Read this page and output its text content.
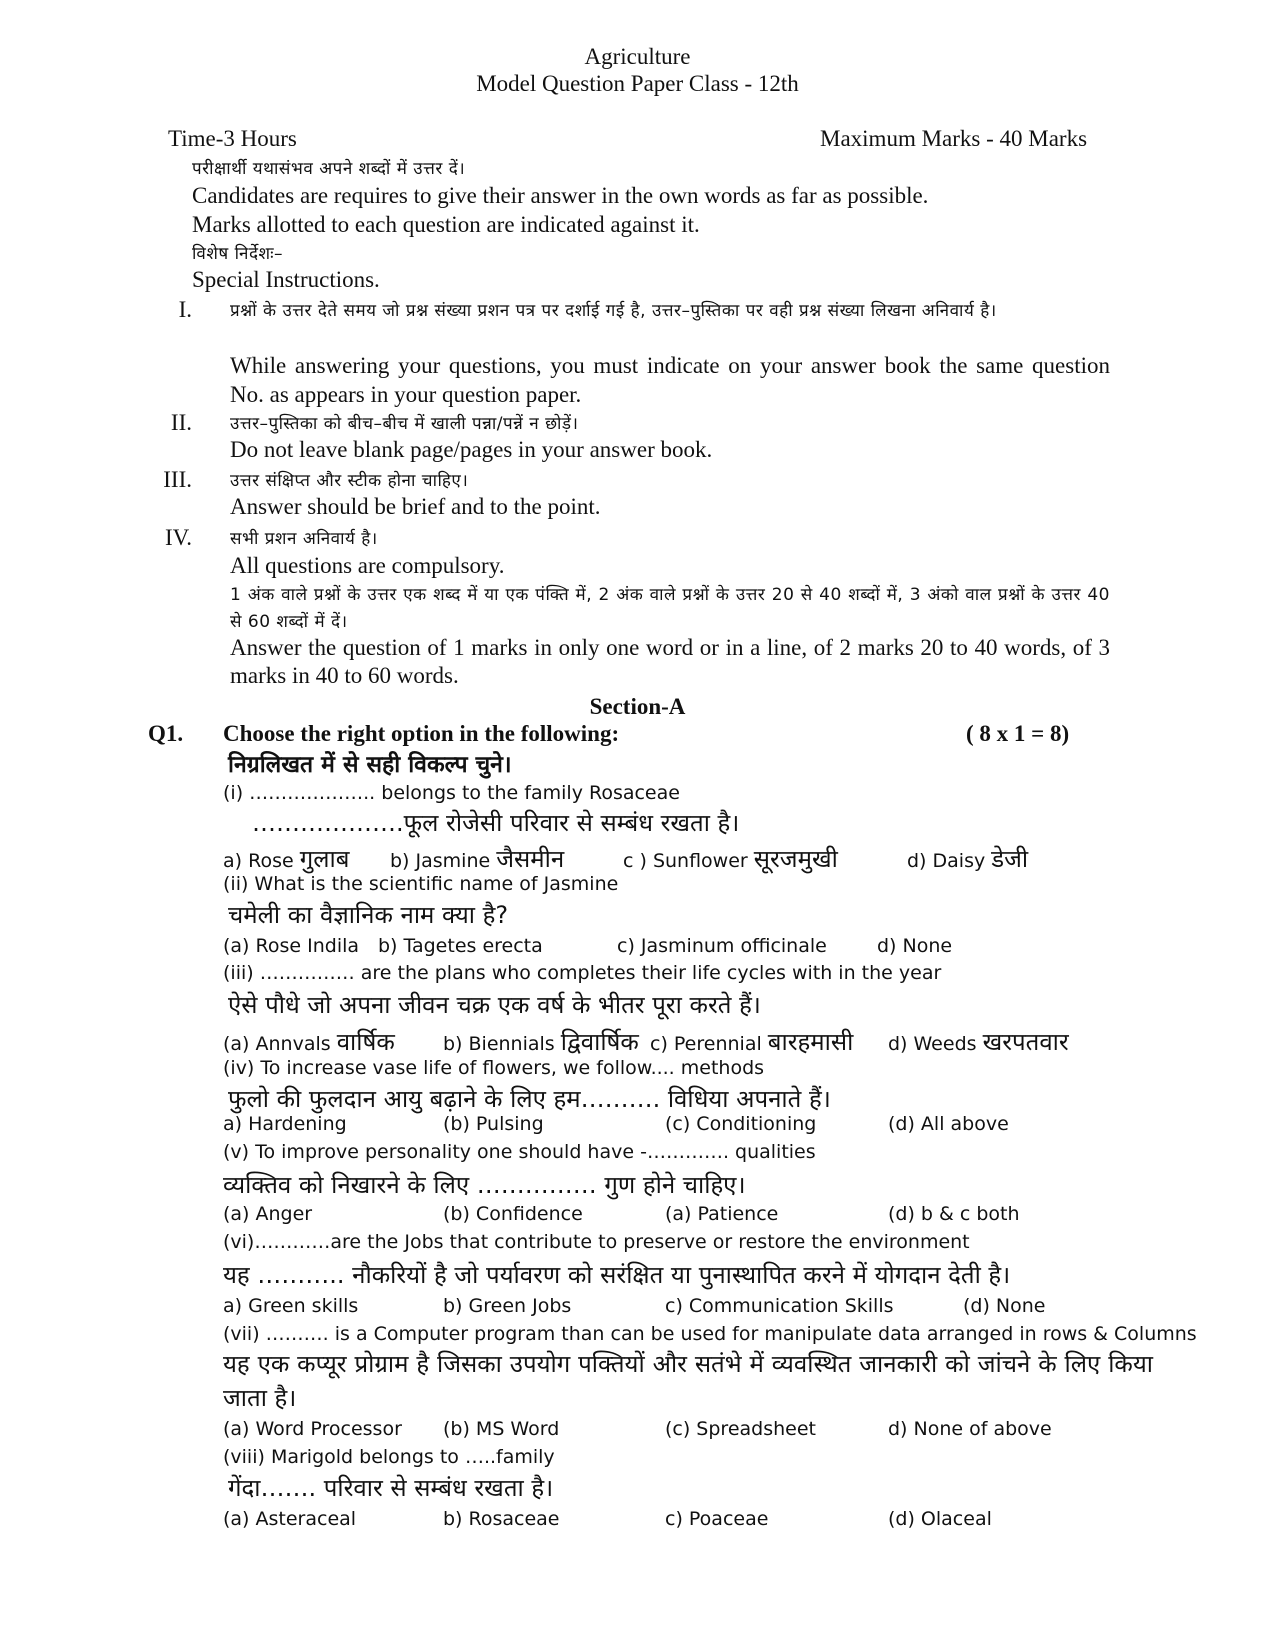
Agriculture
Model Question Paper Class - 12th
Time-3 Hours	Maximum Marks - 40 Marks
परीक्षार्थी यथासंभव अपने शब्दों में उत्तर दें।
Candidates are requires to give their answer in the own words as far as possible.
Marks allotted to each question are indicated against it.
विशेष निर्देशः–
Special Instructions.
I. प्रश्नों के उत्तर देते समय जो प्रश्न संख्या प्रशन पत्र पर दर्शाई गई है, उत्तर–पुस्तिका पर वही प्रश्न संख्या लिखना अनिवार्य है।
While answering your questions, you must indicate on your answer book the same question No. as appears in your question paper.
II. उत्तर–पुस्तिका को बीच–बीच में खाली पन्ना/पन्नें न छोड़ें।
Do not leave blank page/pages in your answer book.
III. उत्तर संक्षिप्त और स्टीक होना चाहिए।
Answer should be brief and to the point.
IV. सभी प्रशन अनिवार्य है।
All questions are compulsory.
1 अंक वाले प्रश्नों के उत्तर एक शब्द में या एक पंक्ति में, 2 अंक वाले प्रश्नों के उत्तर 20 से 40 शब्दों में, 3 अंको वाल प्रश्नों के उत्तर 40 से 60 शब्दों में दें।
Answer the question of 1 marks in only one word or in a line, of 2 marks 20 to 40 words, of 3 marks in 40 to 60 words.
Section-A
Q1. Choose the right option in the following:	( 8 x 1 = 8)
निग्रलिखत में से सही विकल्प चुने।
(i) ……………….. belongs to the family Rosaceae
……………….फूल रोजेसी परिवार से सम्बंध रखता है।
a) Rose गुलाब b) Jasmine जैसमीन	c ) Sunflower सूरजमुखी	d) Daisy डेजी
(ii) What is the scientific name of Jasmine
चमेली का वैज्ञानिक नाम क्या है?
(a) Rose Indila b) Tagetes erecta	c) Jasminum officinale	d) None
(iii) …………… are the plans who completes their life cycles with in the year
ऐसे पौधे जो अपना जीवन चक्र एक वर्ष के भीतर पूरा करते हैं।
(a) Annvals वार्षिक	b) Biennials द्विवार्षिक c) Perennial बारहमासी d) Weeds खरपतवार
(iv) To increase vase life of flowers, we follow.... methods
फुलो की फुलदान आयु बढ़ाने के लिए हम………. विधिया अपनाते हैं।
a) Hardening	(b) Pulsing	(c) Conditioning	(d) All above
(v) To improve personality one should have -…………. qualities
व्यक्तिव को निखारने के लिए …………… गुण होने चाहिए।
(a) Anger	(b) Confidence	(a) Patience	(d) b & c both
(vi)…………are the Jobs that contribute to preserve or restore the environment
यह ……….. नौकरियों है जो पर्यावरण को सरंक्षित या पुनास्थापित करने में योगदान देती है।
a) Green skills	b) Green Jobs	c) Communication Skills	(d) None
(vii) ………. is a Computer program than can be used for manipulate data arranged in rows & Columns
यह एक कप्यूर प्रोग्राम है जिसका उपयोग पक्तियों और सतंभे में व्यवस्थित जानकारी को जांचने के लिए किया जाता है।
(a) Word Processor (b) MS Word	(c) Spreadsheet	d) None of above
(viii) Marigold belongs to …..family
गेंदा……. परिवार से सम्बंध रखता है।
(a) Asteraceal	b) Rosaceae	c) Poaceae	(d) Olaceal
